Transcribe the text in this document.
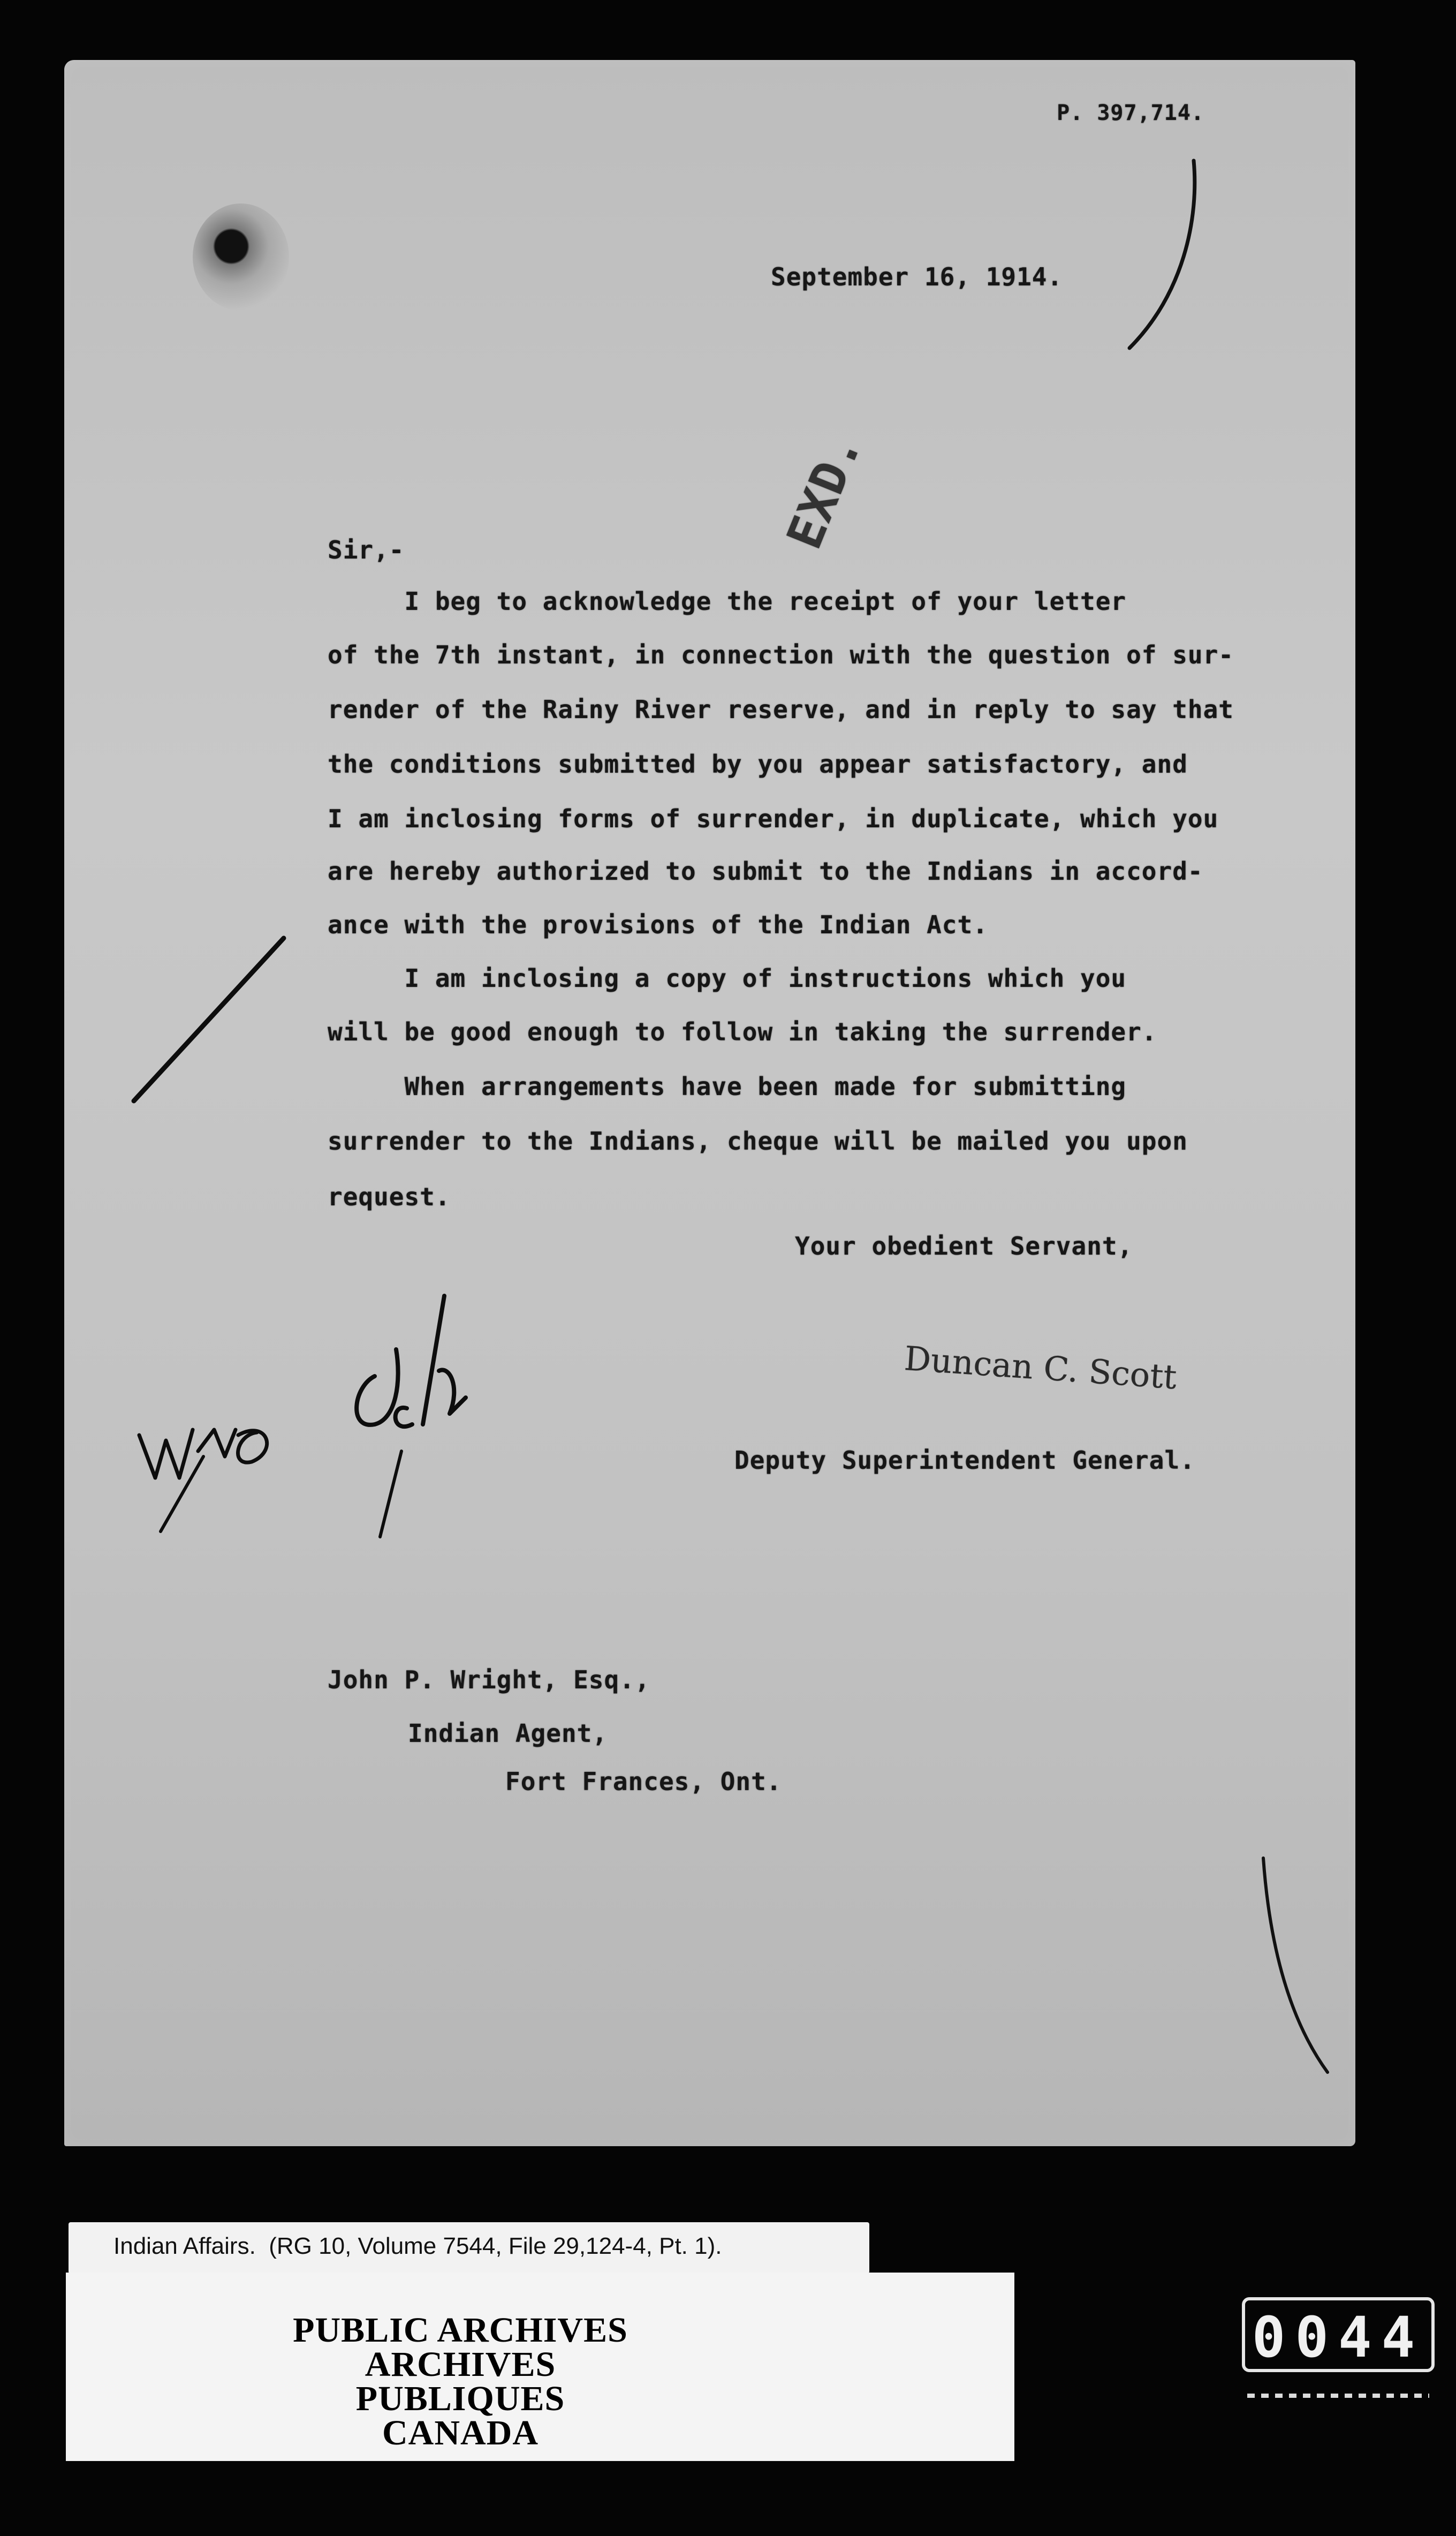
P. 397,714.
September 16, 1914.
EXD.
Sir,-
I beg to acknowledge the receipt of your letter
of the 7th instant, in connection with the question of sur-
render of the Rainy River reserve, and in reply to say that
the conditions submitted by you appear satisfactory, and
I am inclosing forms of surrender, in duplicate, which you
are hereby authorized to submit to the Indians in accord-
ance with the provisions of the Indian Act.
I am inclosing a copy of instructions which you
will be good enough to follow in taking the surrender.
When arrangements have been made for submitting
surrender to the Indians, cheque will be mailed you upon
request.
Your obedient Servant,
Duncan C. Scott
Deputy Superintendent General.
John P. Wright, Esq.,
Indian Agent,
Fort Frances, Ont.
Indian Affairs.  (RG 10, Volume 7544, File 29,124-4, Pt. 1).
PUBLIC ARCHIVES
ARCHIVES PUBLIQUES
CANADA
0044
